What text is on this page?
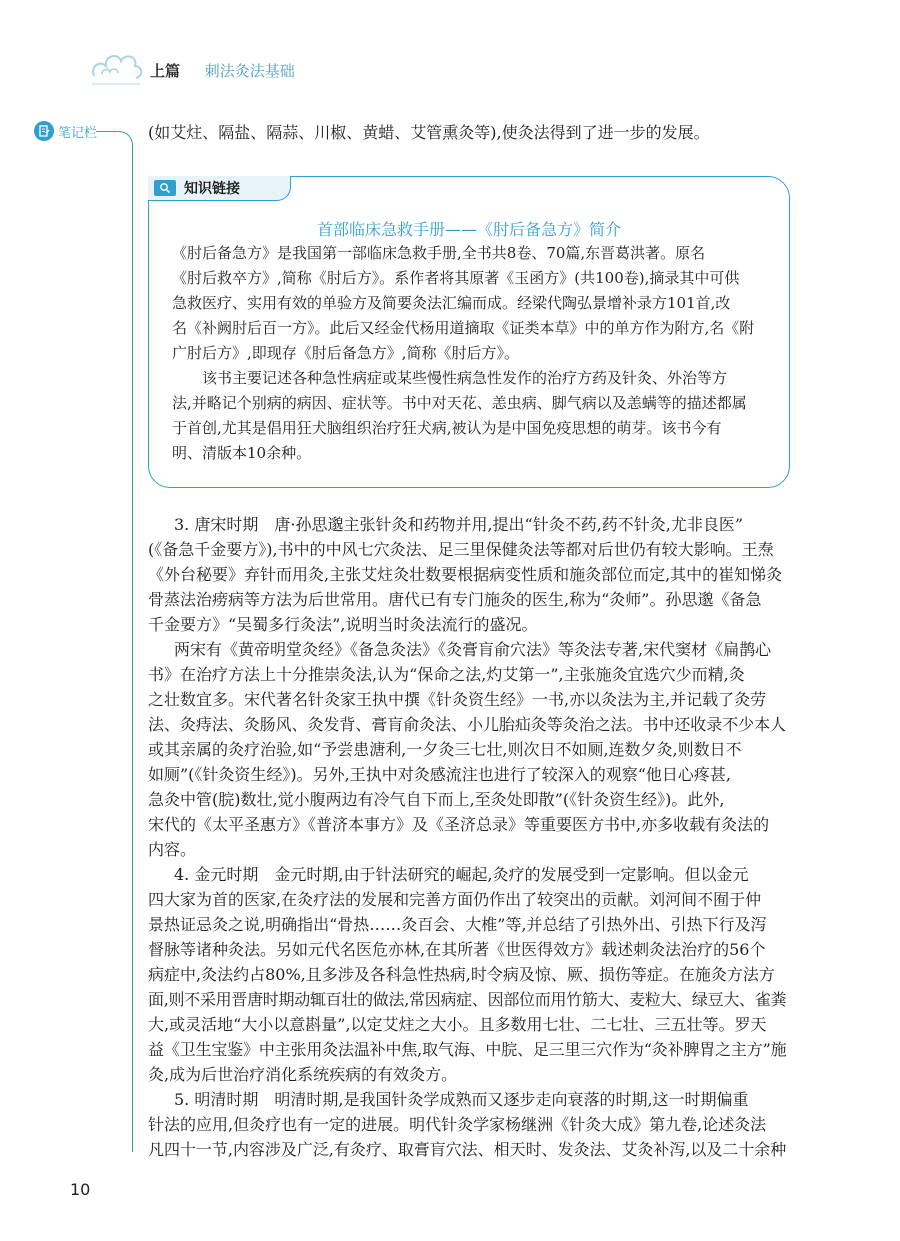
上篇 刺法灸法基础
笔记栏	(如艾炷、隔盐、隔蒜、川椒、黄蜡、艾管熏灸等),使灸法得到了进一步的发展。
知识链接
首部临床急救手册——《肘后备急方》简介
《肘后备急方》是我国第一部临床急救手册,全书共8卷、70篇,东晋葛洪著。原名
《肘后救卒方》,简称《肘后方》。系作者将其原著《玉函方》(共100卷),摘录其中可供
急救医疗、实用有效的单验方及简要灸法汇编而成。经梁代陶弘景增补录方101首,改
名《补阙肘后百一方》。此后又经金代杨用道摘取《证类本草》中的单方作为附方,名《附
广肘后方》,即现存《肘后备急方》,简称《肘后方》。
该书主要记述各种急性病症或某些慢性病急性发作的治疗方药及针灸、外治等方
法,并略记个别病的病因、症状等。书中对天花、恙虫病、脚气病以及恙螨等的描述都属
于首创,尤其是倡用狂犬脑组织治疗狂犬病,被认为是中国免疫思想的萌芽。该书今有
明、清版本10余种。
3. 唐宋时期　唐·孙思邈主张针灸和药物并用,提出“针灸不药,药不针灸,尤非良医”
(《备急千金要方》),书中的中风七穴灸法、足三里保健灸法等都对后世仍有较大影响。王焘
《外台秘要》弃针而用灸,主张艾炷灸壮数要根据病变性质和施灸部位而定,其中的崔知悌灸
骨蒸法治痨病等方法为后世常用。唐代已有专门施灸的医生,称为“灸师”。孙思邈《备急
千金要方》“吴蜀多行灸法”,说明当时灸法流行的盛况。
两宋有《黄帝明堂灸经》《备急灸法》《灸膏肓俞穴法》等灸法专著,宋代窦材《扁鹊心
书》在治疗方法上十分推崇灸法,认为“保命之法,灼艾第一”,主张施灸宜选穴少而精,灸
之壮数宜多。宋代著名针灸家王执中撰《针灸资生经》一书,亦以灸法为主,并记载了灸劳
法、灸痔法、灸肠风、灸发背、膏肓俞灸法、小儿胎疝灸等灸治之法。书中还收录不少本人
或其亲属的灸疗治验,如“予尝患溏利,一夕灸三七壮,则次日不如厕,连数夕灸,则数日不
如厕”(《针灸资生经》)。另外,王执中对灸感流注也进行了较深入的观察“他日心疼甚,
急灸中管(脘)数壮,觉小腹两边有冷气自下而上,至灸处即散”(《针灸资生经》)。此外,
宋代的《太平圣惠方》《普济本事方》及《圣济总录》等重要医方书中,亦多收载有灸法的
内容。
4. 金元时期　金元时期,由于针法研究的崛起,灸疗的发展受到一定影响。但以金元
四大家为首的医家,在灸疗法的发展和完善方面仍作出了较突出的贡献。刘河间不囿于仲
景热证忌灸之说,明确指出“骨热……灸百会、大椎”等,并总结了引热外出、引热下行及泻
督脉等诸种灸法。另如元代名医危亦林,在其所著《世医得效方》载述刺灸法治疗的56个
病症中,灸法约占80%,且多涉及各科急性热病,时令病及惊、厥、损伤等症。在施灸方法方
面,则不采用晋唐时期动辄百壮的做法,常因病症、因部位而用竹筋大、麦粒大、绿豆大、雀粪
大,或灵活地“大小以意斟量”,以定艾炷之大小。且多数用七壮、二七壮、三五壮等。罗天
益《卫生宝鉴》中主张用灸法温补中焦,取气海、中脘、足三里三穴作为“灸补脾胃之主方”施
灸,成为后世治疗消化系统疾病的有效灸方。
5. 明清时期　明清时期,是我国针灸学成熟而又逐步走向衰落的时期,这一时期偏重
针法的应用,但灸疗也有一定的进展。明代针灸学家杨继洲《针灸大成》第九卷,论述灸法
凡四十一节,内容涉及广泛,有灸疗、取膏肓穴法、相天时、发灸法、艾灸补泻,以及二十余种
10
